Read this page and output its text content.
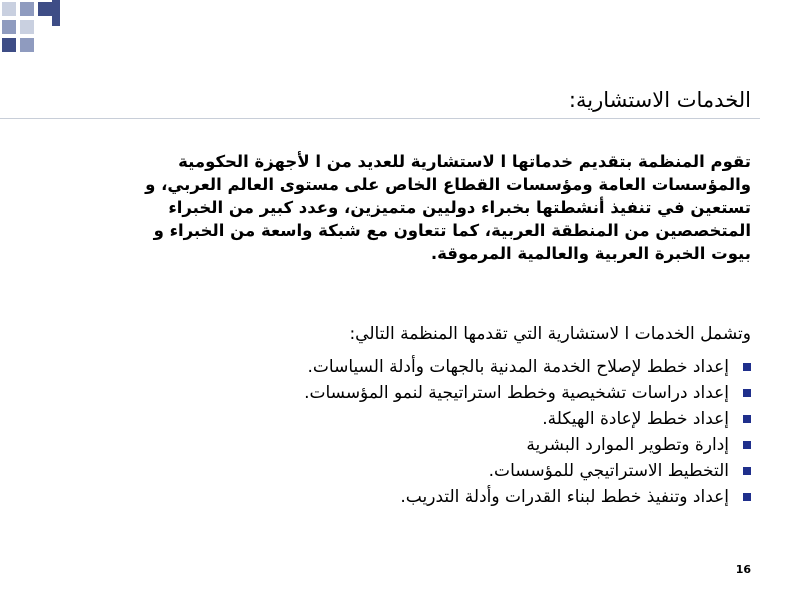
الخدمات الاستشارية:
تقوم المنظمة بتقديم خدماتها ا لاستشارية للعديد من ا لأجهزة الحكومية
والمؤسسات العامة ومؤسسات القطاع الخاص على مستوى العالم العربي، و
تستعين في تنفيذ أنشطتها بخبراء دوليين متميزين، وعدد كبير من الخبراء
المتخصصين من المنطقة العربية، كما تتعاون مع شبكة واسعة من الخبراء و
بيوت الخبرة العربية والعالمية المرموقة.
وتشمل الخدمات ا لاستشارية التي تقدمها المنظمة التالي:
إعداد خطط لإصلاح الخدمة المدنية بالجهات وأدلة السياسات.
إعداد دراسات تشخيصية وخطط استراتيجية لنمو المؤسسات.
إعداد خطط لإعادة الهيكلة.
إدارة وتطوير الموارد البشرية
التخطيط الاستراتيجي للمؤسسات.
إعداد وتنفيذ خطط لبناء القدرات وأدلة التدريب.
16
